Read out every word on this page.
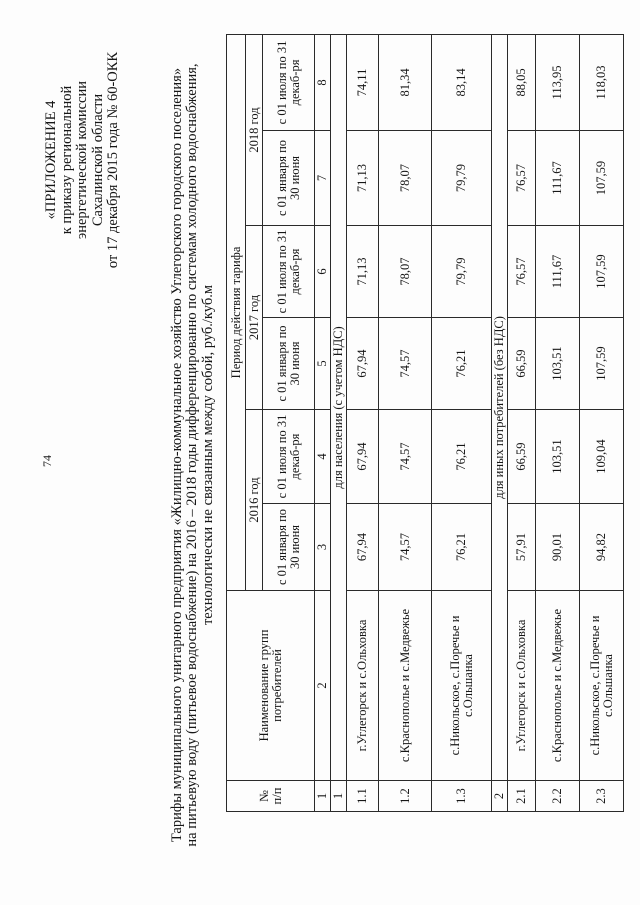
74
«ПРИЛОЖЕНИЕ 4 к приказу региональной энергетической комиссии Сахалинской области от 17 декабря 2015 года № 60-ОКК	Тарифы муниципального унитарного предприятия «Жилищно-коммунальное хозяйство Углегорского городского поселения» на питьевую воду (питьевое водоснабжение) на 2016 – 2018 годы дифференцированно по системам холодного водоснабжения, технологически не связанным между собой, руб./куб.м
№ п/п	Наименование групп потребителей	Период действия тарифа					
		2016 год		2017 год		2018 год	
		с 01 января по 30 июня	с 01 июля по 31 декаб-ря	с 01 января по 30 июня	с 01 июля по 31 декаб-ря	с 01 января по 30 июня	с 01 июля по 31 декаб-ря
1	2	3	4	5	6	7	8
1	для населения (с учетом НДС)						
1.1	г.Углегорск и с.Ольховка	67,94	67,94	67,94	71,13	71,13	74,11
1.2	с.Краснополье и с.Медвежье	74,57	74,57	74,57	78,07	78,07	81,34
1.3	с.Никольское, с.Поречье и с.Ольшанка	76,21	76,21	76,21	79,79	79,79	83,14
2	для иных потребителей (без НДС)						
2.1	г.Углегорск и с.Ольховка	57,91	66,59	66,59	76,57	76,57	88,05
2.2	с.Краснополье и с.Медвежье	90,01	103,51	103,51	111,67	111,67	113,95
2.3	с.Никольское, с.Поречье и с.Ольшанка	94,82	109,04	107,59	107,59	107,59	118,03
